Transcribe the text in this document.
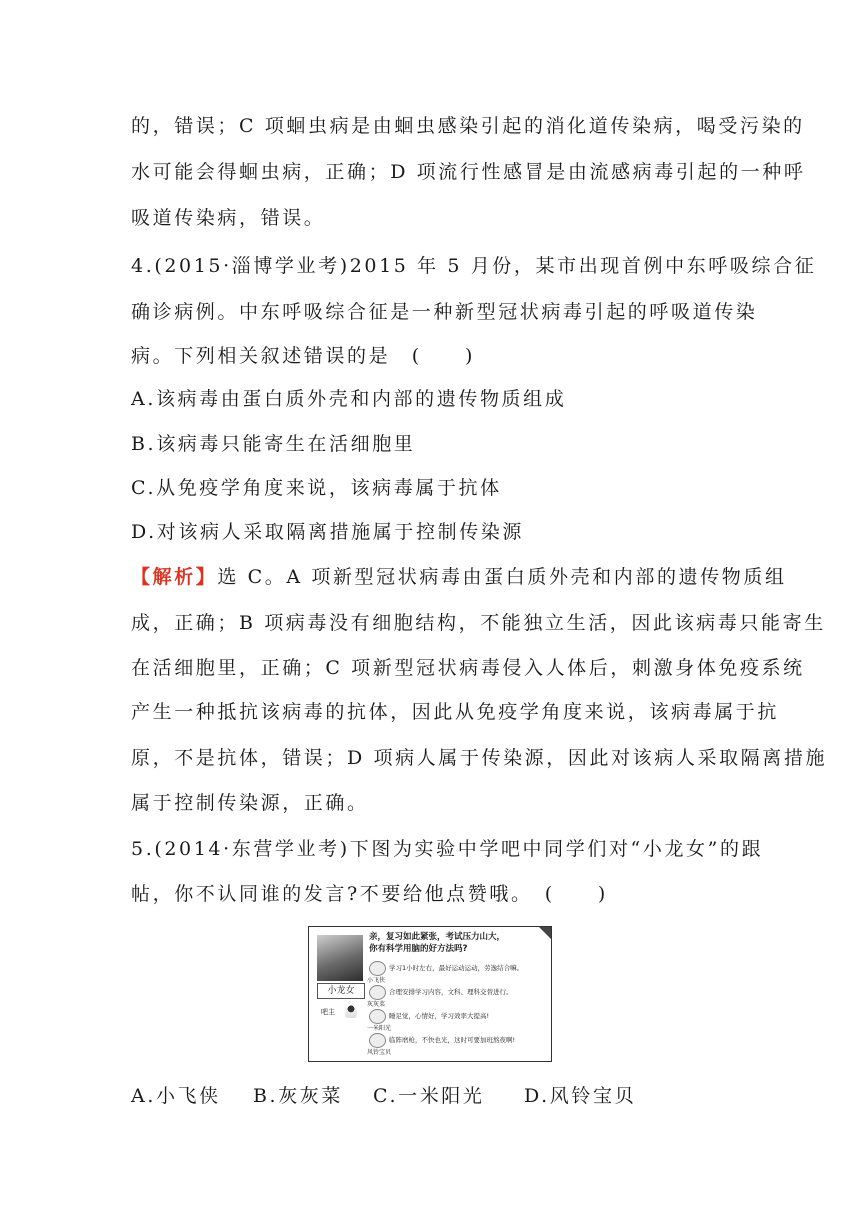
的，错误；C 项蛔虫病是由蛔虫感染引起的消化道传染病，喝受污染的
水可能会得蛔虫病，正确；D 项流行性感冒是由流感病毒引起的一种呼
吸道传染病，错误。
4.(2015·淄博学业考)2015 年 5 月份，某市出现首例中东呼吸综合征
确诊病例。中东呼吸综合征是一种新型冠状病毒引起的呼吸道传染
病。下列相关叙述错误的是　(　　)
A.该病毒由蛋白质外壳和内部的遗传物质组成
B.该病毒只能寄生在活细胞里
C.从免疫学角度来说，该病毒属于抗体
D.对该病人采取隔离措施属于控制传染源
【解析】选 C。A 项新型冠状病毒由蛋白质外壳和内部的遗传物质组
成，正确；B 项病毒没有细胞结构，不能独立生活，因此该病毒只能寄生
在活细胞里，正确；C 项新型冠状病毒侵入人体后，刺激身体免疫系统
产生一种抵抗该病毒的抗体，因此从免疫学角度来说，该病毒属于抗
原，不是抗体，错误；D 项病人属于传染源，因此对该病人采取隔离措施
属于控制传染源，正确。
5.(2014·东营学业考)下图为实验中学吧中同学们对“小龙女”的跟
帖，你不认同谁的发言?不要给他点赞哦。　(　　)
小龙女
吧主
亲，复习如此紧张，考试压力山大，
你有科学用脑的好方法吗?
小飞侠
学习1小时左右，最好运动运动，劳逸结合嘛。
灰灰菜
合理安排学习内容，文科、理科交替进行。
一米阳光
睡足觉，心情好，学习效率大提高!
风铃宝贝
临阵磨枪，不快也光，这时可要加班熬夜啊!
A.小飞侠 B.灰灰菜 C.一米阳光 D.风铃宝贝
